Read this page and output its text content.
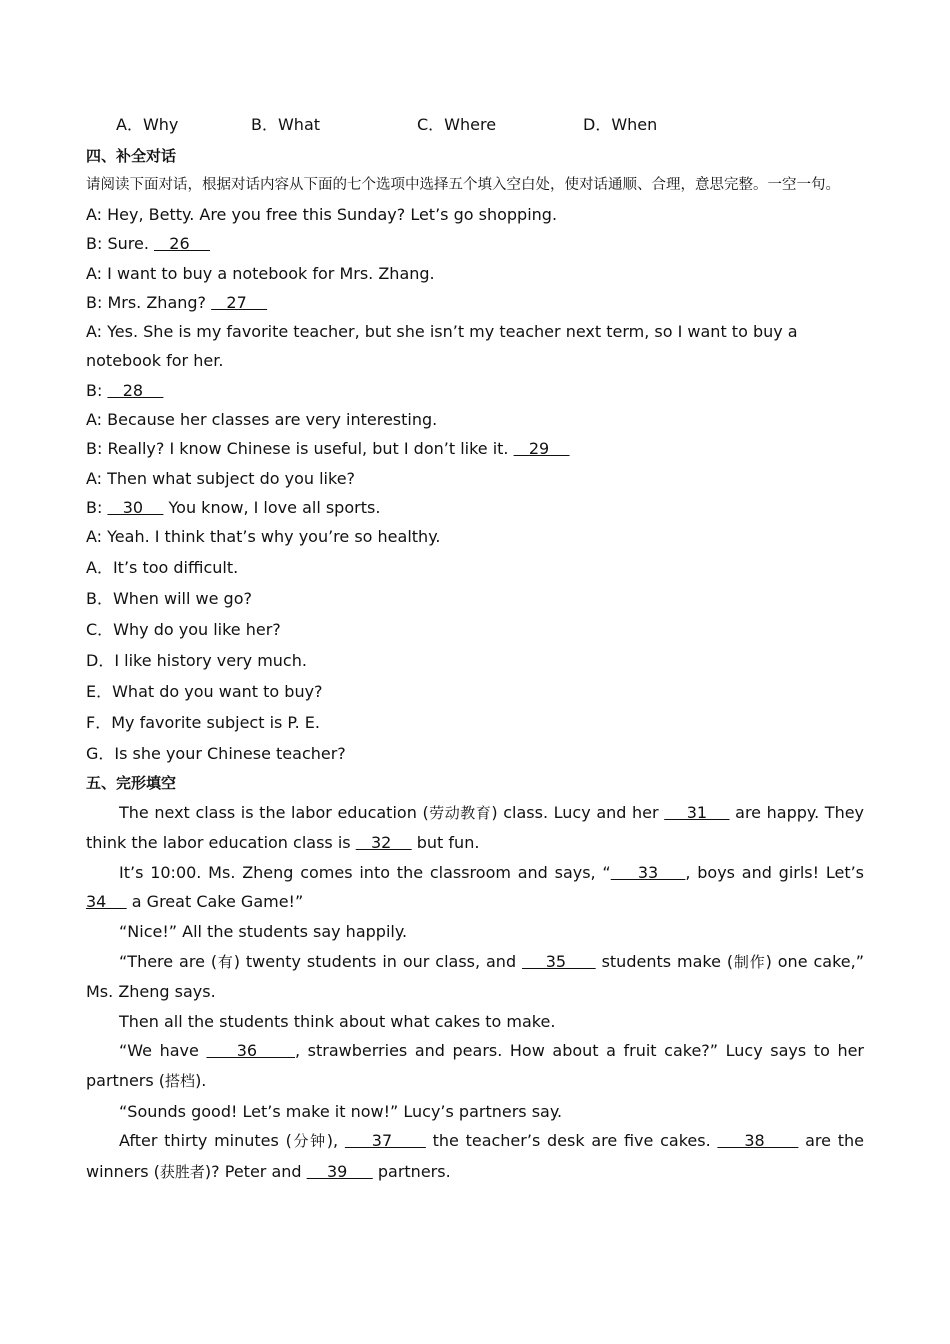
A．Why	B．What	C．Where	D．When
四、补全对话
请阅读下面对话，根据对话内容从下面的七个选项中选择五个填入空白处，使对话通顺、合理，意思完整。一空一句。
A: Hey, Betty. Are you free this Sunday? Let’s go shopping.
B: Sure.    26
A: I want to buy a notebook for Mrs. Zhang.
B: Mrs. Zhang?    27
A: Yes. She is my favorite teacher, but she isn’t my teacher next term, so I want to buy a notebook for her.
B:    28
A: Because her classes are very interesting.
B: Really? I know Chinese is useful, but I don’t like it.    29
A: Then what subject do you like?
B:    30     You know, I love all sports.
A: Yeah. I think that’s why you’re so healthy.
A．It’s too difficult.
B．When will we go?
C．Why do you like her?
D．I like history very much.
E．What do you want to buy?
F．My favorite subject is P. E.
G．Is she your Chinese teacher?
五、完形填空
The next class is the labor education (劳动教育) class. Lucy and her     31     are happy. They think the labor education class is    32     but fun.
It’s 10:00. Ms. Zheng comes into the classroom and says, “    33    , boys and girls! Let’s 34     a Great Cake Game!”
“Nice!” All the students say happily.
“There are (有) twenty students in our class, and     35      students make (制作) one cake,” Ms. Zheng says.
Then all the students think about what cakes to make.
“We have     36     , strawberries and pears. How about a fruit cake?” Lucy says to her partners (搭档).
“Sounds good! Let’s make it now!” Lucy’s partners say.
After thirty minutes (分钟),     37      the teacher’s desk are five cakes.     38      are the winners (获胜者)? Peter and     39      partners.
